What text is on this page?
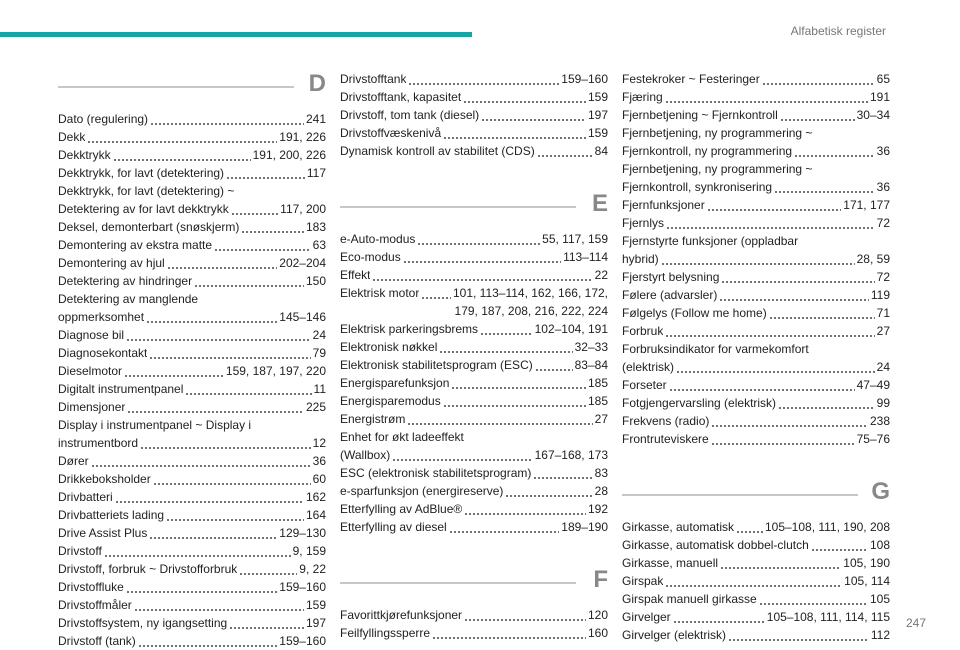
Alfabetisk register
247
D
Dato (regulering)	241
Dekk	191, 226
Dekktrykk	191, 200, 226
Dekktrykk, for lavt (detektering)	117
Dekktrykk, for lavt (detektering) ~
Detektering av for lavt dekktrykk	117, 200
Deksel, demonterbart (snøskjerm)	183
Demontering av ekstra matte	63
Demontering av hjul	202–204
Detektering av hindringer	150
Detektering av manglende
oppmerksomhet	145–146
Diagnose bil	24
Diagnosekontakt	79
Dieselmotor	159, 187, 197, 220
Digitalt instrumentpanel	11
Dimensjoner	225
Display i instrumentpanel ~ Display i
instrumentbord	12
Dører	36
Drikkeboksholder	60
Drivbatteri	162
Drivbatteriets lading	164
Drive Assist Plus	129–130
Drivstoff	9, 159
Drivstoff, forbruk ~ Drivstofforbruk	9, 22
Drivstoffluke	159–160
Drivstoffmåler	159
Drivstoffsystem, ny igangsetting	197
Drivstoff (tank)	159–160
Drivstofftank	159–160
Drivstofftank, kapasitet	159
Drivstoff, tom tank (diesel)	197
Drivstoffvæskenivå	159
Dynamisk kontroll av stabilitet (CDS)	84
E
e-Auto-modus	55, 117, 159
Eco-modus	113–114
Effekt	22
Elektrisk motor	101, 113–114, 162, 166, 172,
179, 187, 208, 216, 222, 224
Elektrisk parkeringsbrems	102–104, 191
Elektronisk nøkkel	32–33
Elektronisk stabilitetsprogram (ESC)	83–84
Energisparefunksjon	185
Energisparemodus	185
Energistrøm	27
Enhet for økt ladeeffekt
(Wallbox)	167–168, 173
ESC (elektronisk stabilitetsprogram)	83
e-sparfunksjon (energireserve)	28
Etterfylling av AdBlue®	192
Etterfylling av diesel	189–190
F
Favorittkjørefunksjoner	120
Feilfyllingssperre	160
Festekroker ~ Festeringer	65
Fjæring	191
Fjernbetjening ~ Fjernkontroll	30–34
Fjernbetjening, ny programmering ~
Fjernkontroll, ny programmering	36
Fjernbetjening, ny programmering ~
Fjernkontroll, synkronisering	36
Fjernfunksjoner	171, 177
Fjernlys	72
Fjernstyrte funksjoner (oppladbar
hybrid)	28, 59
Fjerstyrt belysning	72
Følere (advarsler)	119
Følgelys (Follow me home)	71
Forbruk	27
Forbruksindikator for varmekomfort
(elektrisk)	24
Forseter	47–49
Fotgjengervarsling (elektrisk)	99
Frekvens (radio)	238
Frontruteviskere	75–76
G
Girkasse, automatisk	105–108, 111, 190, 208
Girkasse, automatisk dobbel-clutch	108
Girkasse, manuell	105, 190
Girspak	105, 114
Girspak manuell girkasse	105
Girvelger	105–108, 111, 114, 115
Girvelger (elektrisk)	112
